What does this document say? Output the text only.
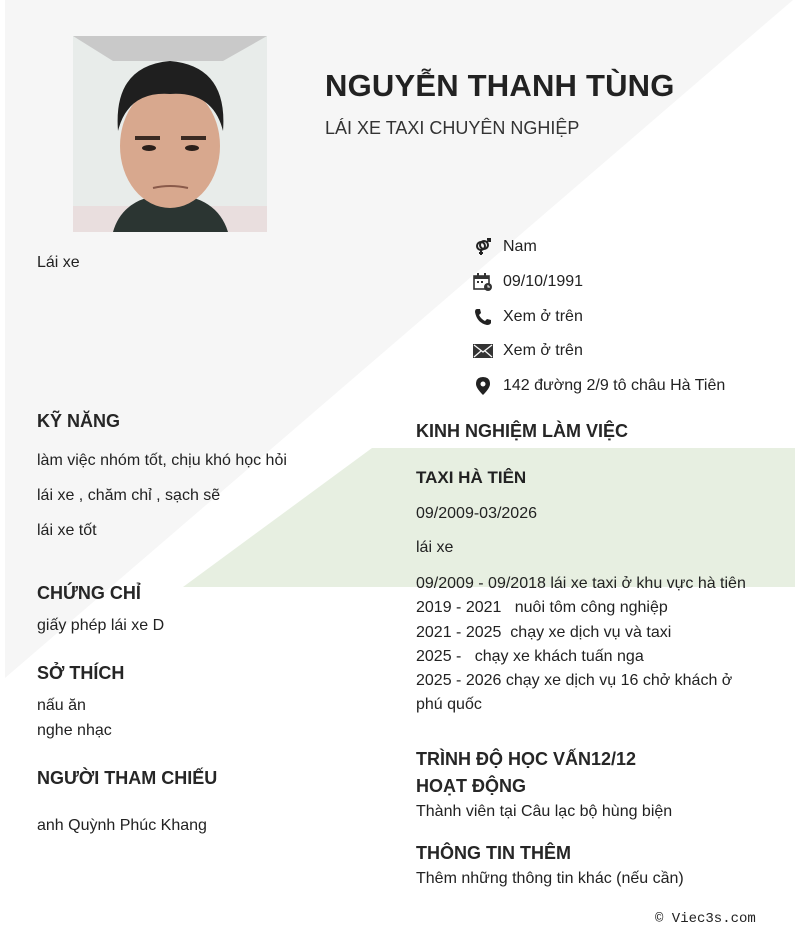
NGUYỄN THANH TÙNG
LÁI XE TAXI CHUYÊN NGHIỆP
Lái xe
Nam
09/10/1991
Xem ở trên
Xem ở trên
142 đường 2/9 tô châu Hà Tiên
KỸ NĂNG
làm việc nhóm tốt, chịu khó học hỏi
lái xe , chăm chỉ , sạch sẽ
lái xe tốt
CHỨNG CHỈ
giấy phép lái xe D
SỞ THÍCH
nấu ăn
nghe nhạc
NGƯỜI THAM CHIẾU
anh Quỳnh Phúc Khang
KINH NGHIỆM LÀM VIỆC
TAXI HÀ TIÊN
09/2009-03/2026
lái xe
09/2009 - 09/2018 lái xe taxi ở khu vực hà tiên
2019 - 2021   nuôi tôm công nghiệp
2021 - 2025  chạy xe dịch vụ và taxi
2025 -   chạy xe khách tuấn nga
2025 - 2026 chạy xe dịch vụ 16 chở khách ở
phú quốc
TRÌNH ĐỘ HỌC VẤN12/12
HOẠT ĐỘNG
Thành viên tại Câu lạc bộ hùng biện
THÔNG TIN THÊM
Thêm những thông tin khác (nếu cần)
© Viec3s.com
